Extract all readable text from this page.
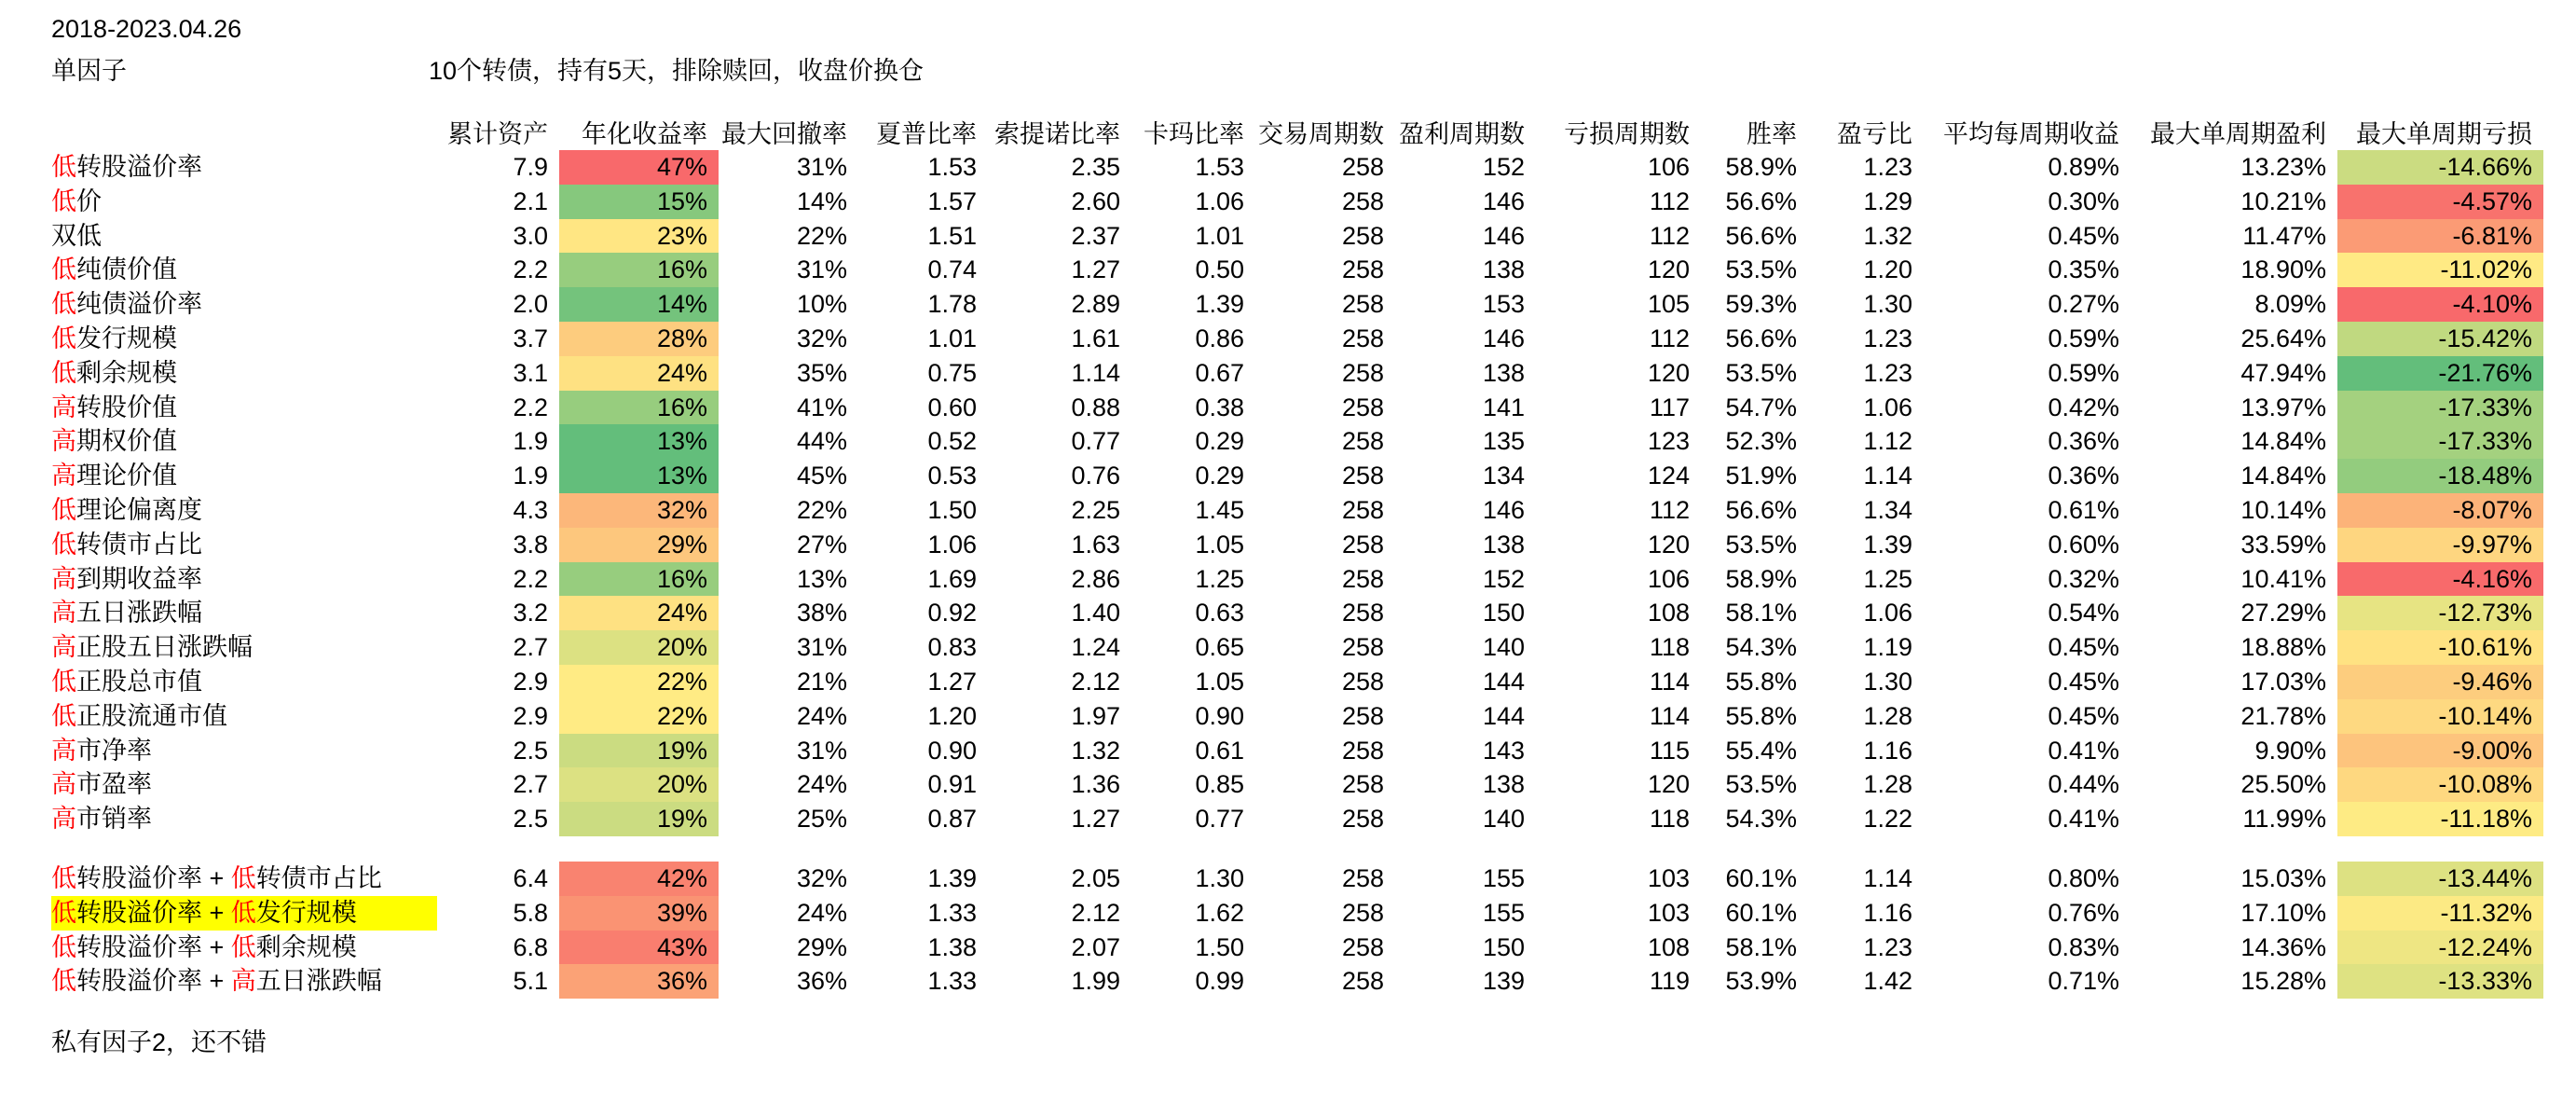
2018-2023.04.26
单因子	10个转债，持有5天，排除赎回，收盘价换仓
累计资产	年化收益率 最大回撤率	夏普比率 索提诺比率 卡玛比率 交易周期数 盈利周期数	亏损周期数	胜率	盈亏比	平均每周期收益	最大单周期盈利	最大单周期亏损
低转股溢价率	7.9	47%	31%	1.53	2.35	1.53	258	152	106	58.9%	1.23	0.89%	13.23%	-14.66%
低价	2.1	15%	14%	1.57	2.60	1.06	258	146	112	56.6%	1.29	0.30%	10.21%	-4.57%
双低	3.0	23%	22%	1.51	2.37	1.01	258	146	112	56.6%	1.32	0.45%	11.47%	-6.81%
低纯债价值	2.2	16%	31%	0.74	1.27	0.50	258	138	120	53.5%	1.20	0.35%	18.90%	-11.02%
低纯债溢价率	2.0	14%	10%	1.78	2.89	1.39	258	153	105	59.3%	1.30	0.27%	8.09%	-4.10%
低发行规模	3.7	28%	32%	1.01	1.61	0.86	258	146	112	56.6%	1.23	0.59%	25.64%	-15.42%
低剩余规模	3.1	24%	35%	0.75	1.14	0.67	258	138	120	53.5%	1.23	0.59%	47.94%	-21.76%
高转股价值	2.2	16%	41%	0.60	0.88	0.38	258	141	117	54.7%	1.06	0.42%	13.97%	-17.33%
高期权价值	1.9	13%	44%	0.52	0.77	0.29	258	135	123	52.3%	1.12	0.36%	14.84%	-17.33%
高理论价值	1.9	13%	45%	0.53	0.76	0.29	258	134	124	51.9%	1.14	0.36%	14.84%	-18.48%
低理论偏离度	4.3	32%	22%	1.50	2.25	1.45	258	146	112	56.6%	1.34	0.61%	10.14%	-8.07%
低转债市占比	3.8	29%	27%	1.06	1.63	1.05	258	138	120	53.5%	1.39	0.60%	33.59%	-9.97%
高到期收益率	2.2	16%	13%	1.69	2.86	1.25	258	152	106	58.9%	1.25	0.32%	10.41%	-4.16%
高五日涨跌幅	3.2	24%	38%	0.92	1.40	0.63	258	150	108	58.1%	1.06	0.54%	27.29%	-12.73%
高正股五日涨跌幅	2.7	20%	31%	0.83	1.24	0.65	258	140	118	54.3%	1.19	0.45%	18.88%	-10.61%
低正股总市值	2.9	22%	21%	1.27	2.12	1.05	258	144	114	55.8%	1.30	0.45%	17.03%	-9.46%
低正股流通市值	2.9	22%	24%	1.20	1.97	0.90	258	144	114	55.8%	1.28	0.45%	21.78%	-10.14%
高市净率	2.5	19%	31%	0.90	1.32	0.61	258	143	115	55.4%	1.16	0.41%	9.90%	-9.00%
高市盈率	2.7	20%	24%	0.91	1.36	0.85	258	138	120	53.5%	1.28	0.44%	25.50%	-10.08%
高市销率	2.5	19%	25%	0.87	1.27	0.77	258	140	118	54.3%	1.22	0.41%	11.99%	-11.18%
低转股溢价率 + 低转债市占比	6.4	42%	32%	1.39	2.05	1.30	258	155	103	60.1%	1.14	0.80%	15.03%	-13.44%
低转股溢价率 + 低发行规模	5.8	39%	24%	1.33	2.12	1.62	258	155	103	60.1%	1.16	0.76%	17.10%	-11.32%
低转股溢价率 + 低剩余规模	6.8	43%	29%	1.38	2.07	1.50	258	150	108	58.1%	1.23	0.83%	14.36%	-12.24%
低转股溢价率 + 高五日涨跌幅	5.1	36%	36%	1.33	1.99	0.99	258	139	119	53.9%	1.42	0.71%	15.28%	-13.33%
私有因子2，还不错
